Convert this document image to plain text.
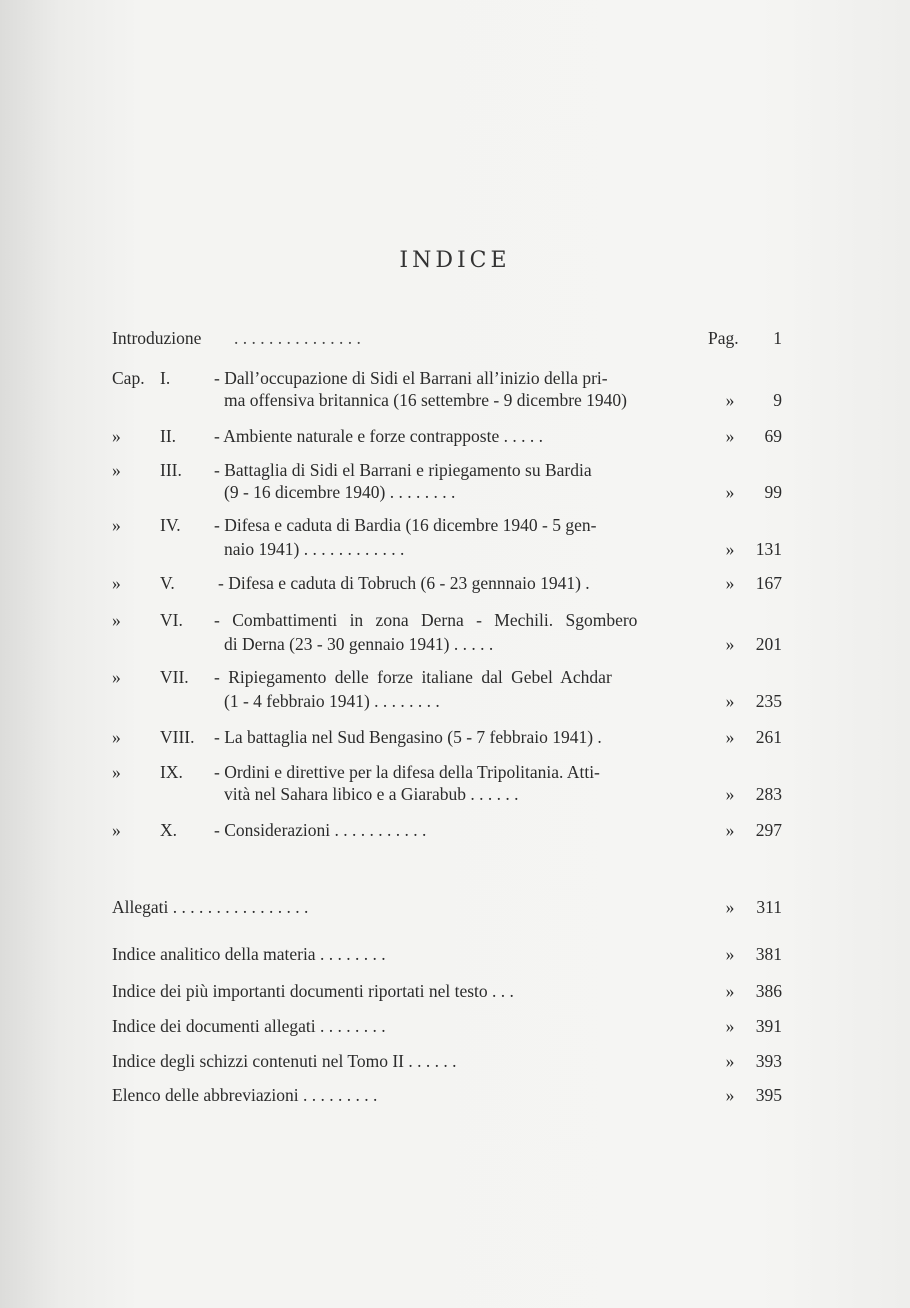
INDICE
Introduzione . . . . . . . . . . . . . . .	Pag.	1
Cap. I.	- Dall’occupazione di Sidi el Barrani all’inizio della pri-
ma offensiva britannica (16 settembre - 9 dicembre 1940)	»	9
» II. - Ambiente naturale e forze contrapposte . . . . .	»	69
» III. - Battaglia di Sidi el Barrani e ripiegamento su Bardia
(9 - 16 dicembre 1940) . . . . . . . .	»	99
» IV. - Difesa e caduta di Bardia (16 dicembre 1940 - 5 gen-
naio 1941) . . . . . . . . . . . .	»	131
» V. - Difesa e caduta di Tobruch (6 - 23 gennnaio 1941) .	»	167
» VI. - Combattimenti in zona Derna - Mechili. Sgombero
di Derna (23 - 30 gennaio 1941) . . . . .	»	201
» VII. - Ripiegamento delle forze italiane dal Gebel Achdar
(1 - 4 febbraio 1941) . . . . . . . .	»	235
» VIII. - La battaglia nel Sud Bengasino (5 - 7 febbraio 1941) .	»	261
» IX. - Ordini e direttive per la difesa della Tripolitania. Atti-
vità nel Sahara libico e a Giarabub . . . . . .	»	283
» X. - Considerazioni . . . . . . . . . . .	»	297
Allegati . . . . . . . . . . . . . . . .	»	311
Indice analitico della materia . . . . . . . .	»	381
Indice dei più importanti documenti riportati nel testo . . .	»	386
Indice dei documenti allegati . . . . . . . .	»	391
Indice degli schizzi contenuti nel Tomo II . . . . . .	»	393
Elenco delle abbreviazioni . . . . . . . . .	»	395
